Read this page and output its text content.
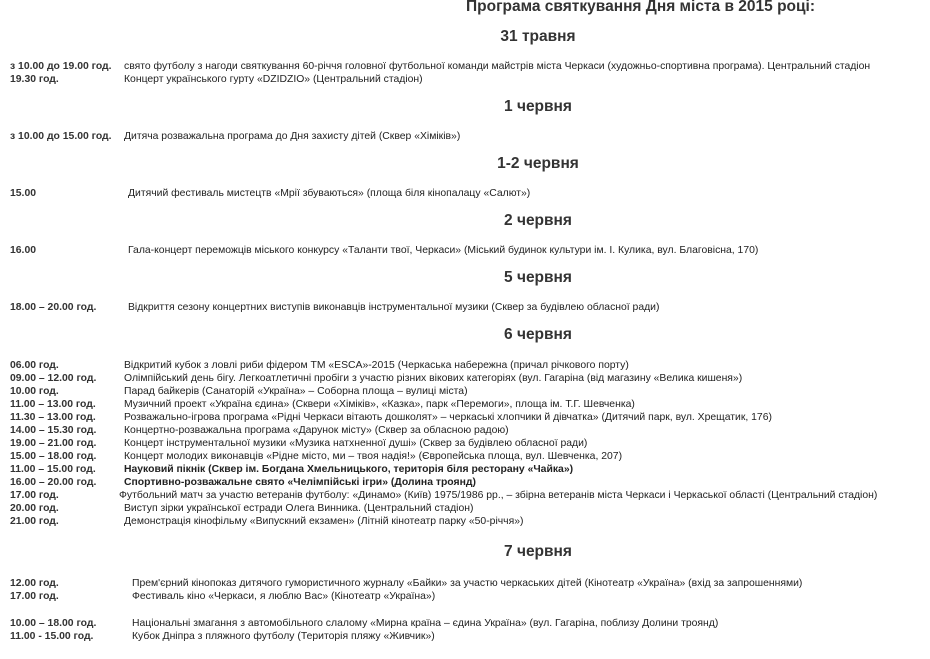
Програма святкування Дня міста в 2015 році:
31 травня
з 10.00 до 19.00 год. свято футболу з нагоди святкування 60-річчя головної футбольної команди майстрів міста Черкаси (художньо-спортивна програма). Центральний стадіон
19.30 год.	Концерт українського гурту «DZIDZIO» (Центральний стадіон)
1 червня
з 10.00 до 15.00 год. Дитяча розважальна програма до Дня захисту дітей (Сквер «Хіміків»)
1-2 червня
15.00	Дитячий фестиваль мистецтв «Мрії збуваються» (площа біля кінопалацу «Салют»)
2 червня
16.00	Гала-концерт переможців міського конкурсу «Таланти твої, Черкаси» (Міський будинок культури ім. І. Кулика, вул. Благовісна, 170)
5 червня
18.00 – 20.00 год.	Відкриття сезону концертних виступів виконавців інструментальної музики (Сквер за будівлею обласної ради)
6 червня
06.00 год.	Відкритий кубок з ловлі риби фідером ТМ «ESCA»-2015 (Черкаська набережна (причал річкового порту)
09.00 – 12.00 год.	Олімпійський день бігу. Легкоатлетичні пробіги з участю різних вікових категоріях (вул. Гагаріна (від магазину «Велика кишеня»)
10.00 год.	Парад байкерів (Санаторій «Україна» – Соборна площа – вулиці міста)
11.00 – 13.00 год.	Музичний проект «Україна єдина» (Сквери «Хіміків», «Казка», парк «Перемоги», площа ім. Т.Г. Шевченка)
11.30 – 13.00 год.	Розважально-ігрова програма «Рідні Черкаси вітають дошколят» – черкаські хлопчики й дівчатка» (Дитячий парк, вул. Хрещатик, 176)
14.00 – 15.30 год.	Концертно-розважальна програма «Дарунок місту» (Сквер за обласною радою)
19.00 – 21.00 год.	Концерт інструментальної музики «Музика натхненної душі» (Сквер за будівлею обласної ради)
15.00 – 18.00 год.	Концерт молодих виконавців «Рідне місто, ми – твоя надія!» (Європейська площа, вул. Шевченка, 207)
11.00 – 15.00 год.	Науковий пікнік (Сквер ім. Богдана Хмельницького, територія біля ресторану «Чайка»)
16.00 – 20.00 год.	Спортивно-розважальне свято «Челімпійські ігри» (Долина троянд)
17.00 год.	Футбольний матч за участю ветеранів футболу: «Динамо» (Київ) 1975/1986 рр., – збірна ветеранів міста Черкаси і Черкаської області (Центральний стадіон)
20.00 год.	Виступ зірки української естради Олега Винника. (Центральний стадіон)
21.00 год.	Демонстрація кінофільму «Випускний екзамен» (Літній кінотеатр парку «50-річчя»)
7 червня
12.00 год.	Прем'єрний кінопоказ дитячого гумористичного журналу «Байки» за участю черкаських дітей (Кінотеатр «Україна» (вхід за запрошеннями)
17.00 год.	Фестиваль кіно «Черкаси, я люблю Вас» (Кінотеатр «Україна»)
10.00 – 18.00 год.	Національні змагання з автомобільного слалому «Мирна країна – єдина Україна» (вул. Гагаріна, поблизу Долини троянд)
11.00 - 15.00 год.	Кубок Дніпра з пляжного футболу (Територія пляжу «Живчик»)
